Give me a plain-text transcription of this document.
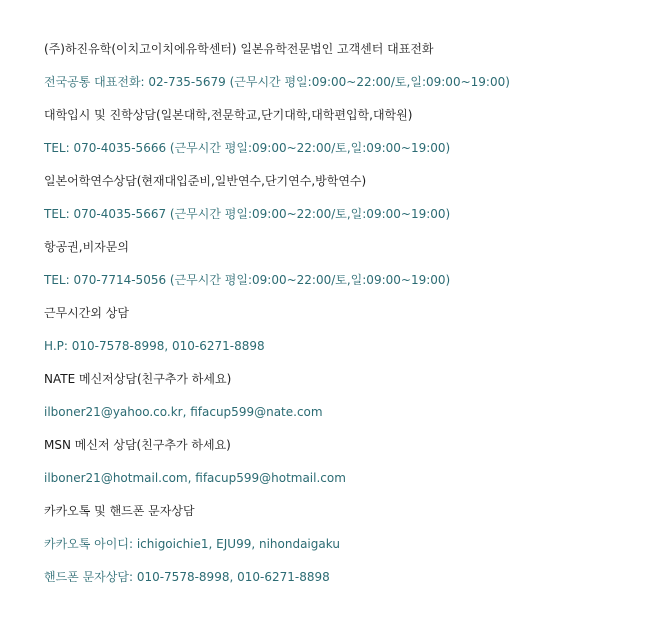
(주)하진유학(이치고이치에유학센터) 일본유학전문법인 고객센터 대표전화
전국공통 대표전화: 02-735-5679 (근무시간 평일:09:00~22:00/토,일:09:00~19:00)
대학입시 및 진학상담(일본대학,전문학교,단기대학,대학편입학,대학원)
TEL: 070-4035-5666 (근무시간 평일:09:00~22:00/토,일:09:00~19:00)
일본어학연수상담(현재대입준비,일반연수,단기연수,방학연수)
TEL: 070-4035-5667 (근무시간 평일:09:00~22:00/토,일:09:00~19:00)
항공권,비자문의
TEL: 070-7714-5056 (근무시간 평일:09:00~22:00/토,일:09:00~19:00)
근무시간외 상담
H.P: 010-7578-8998, 010-6271-8898
NATE 메신저상담(친구추가 하세요)
ilboner21@yahoo.co.kr, fifacup599@nate.com
MSN 메신저 상담(친구추가 하세요)
ilboner21@hotmail.com, fifacup599@hotmail.com
카카오톡 및 핸드폰 문자상담
카카오톡 아이디: ichigoichie1, EJU99, nihondaigaku
핸드폰 문자상담: 010-7578-8998, 010-6271-8898
